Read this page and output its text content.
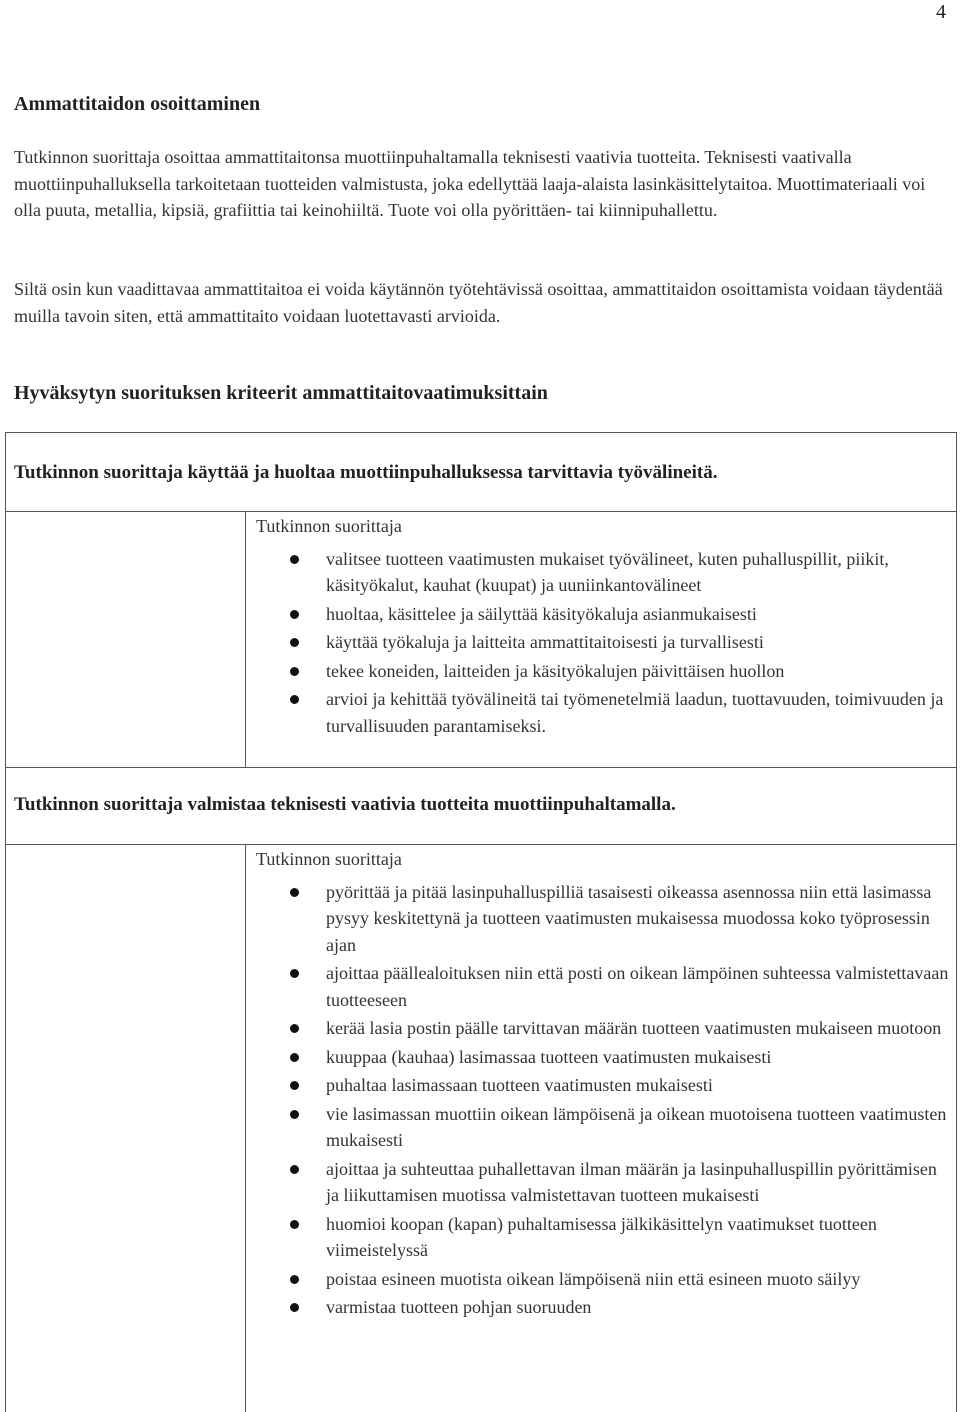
4
Ammattitaidon osoittaminen

Tutkinnon suorittaja osoittaa ammattitaitonsa muottiinpuhaltamalla teknisesti vaativia tuotteita. Teknisesti vaativalla muottiinpuhalluksella tarkoitetaan tuotteiden valmistusta, joka edellyttää laaja-alaista lasinkäsittelytaitoa. Muottimateriaali voi olla puuta, metallia, kipsiä, grafiittia tai keinohiiltä. Tuote voi olla pyörittäen- tai kiinnipuhallettu.

Siltä osin kun vaadittavaa ammattitaitoa ei voida käytännön työtehtävissä osoittaa, ammattitaidon osoittamista voidaan täydentää muilla tavoin siten, että ammattitaito voidaan luotettavasti arvioida.

Hyväksytyn suorituksen kriteerit ammattitaitovaatimuksittain
Tutkinnon suorittaja käyttää ja huoltaa muottiinpuhalluksessa tarvittavia työvälineitä.

Tutkinnon suorittaja

valitsee tuotteen vaatimusten mukaiset työvälineet, kuten puhalluspillit, piikit, käsityökalut, kauhat (kuupat) ja uuniinkantovälineet
huoltaa, käsittelee ja säilyttää käsityökaluja asianmukaisesti
käyttää työkaluja ja laitteita ammattitaitoisesti ja turvallisesti
tekee koneiden, laitteiden ja käsityökalujen päivittäisen huollon
arvioi ja kehittää työvälineitä tai työmenetelmiä laadun, tuottavuuden, toimivuuden ja turvallisuuden parantamiseksi.
Tutkinnon suorittaja valmistaa teknisesti vaativia tuotteita muottiinpuhaltamalla.

Tutkinnon suorittaja

pyörittää ja pitää lasinpuhalluspilliä tasaisesti oikeassa asennossa niin että lasimassa pysyy keskitettynä ja tuotteen vaatimusten mukaisessa muodossa koko työprosessin ajan
ajoittaa päällealoituksen niin että posti on oikean lämpöinen suhteessa valmistettavaan tuotteeseen
kerää lasia postin päälle tarvittavan määrän tuotteen vaatimusten mukaiseen muotoon
kuuppaa (kauhaa) lasimassaa tuotteen vaatimusten mukaisesti
puhaltaa lasimassaan tuotteen vaatimusten mukaisesti
vie lasimassan muottiin oikean lämpöisenä ja oikean muotoisena tuotteen vaatimusten mukaisesti
ajoittaa ja suhteuttaa puhallettavan ilman määrän ja lasinpuhalluspillin pyörittämisen ja liikuttamisen muotissa valmistettavan tuotteen mukaisesti
huomioi koopan (kapan) puhaltamisessa jälkikäsittelyn vaatimukset tuotteen viimeistelyssä
poistaa esineen muotista oikean lämpöisenä niin että esineen muoto säilyy
varmistaa tuotteen pohjan suoruuden
